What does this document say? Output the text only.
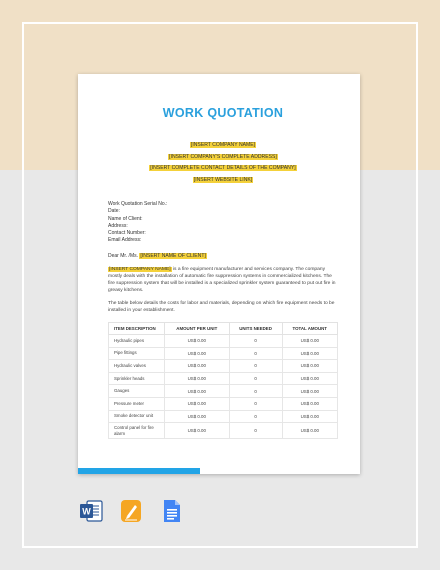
WORK QUOTATION
[INSERT COMPANY NAME]
[INSERT COMPANY'S COMPLETE ADDRESS]
[INSERT COMPLETE CONTACT DETAILS OF THE COMPANY]
[INSERT WEBSITE LINK]
Work Quotation Serial No.:
Date:
Name of Client:
Address:
Contact Number:
Email Address:
Dear Mr. /Ms. [INSERT NAME OF CLIENT]
[INSERT COMPANY NAME] is a fire equipment manufacturer and services company. The company mostly deals with the installation of automatic fire suppression systems in commercialized kitchens. The fire suppression system that will be installed is a specialized sprinkler system guaranteed to put out fire in greasy kitchens.
The table below details the costs for labor and materials, depending on which fire equipment needs to be installed in your establishment.
ITEM DESCRIPTION	AMOUNT PER UNIT	UNITS NEEDED	TOTAL AMOUNT
Hydraulic pipes	US$ 0.00	0	US$ 0.00
Pipe fittings	US$ 0.00	0	US$ 0.00
Hydraulic valves	US$ 0.00	0	US$ 0.00
Sprinkler heads	US$ 0.00	0	US$ 0.00
Gauges	US$ 0.00	0	US$ 0.00
Pressure meter	US$ 0.00	0	US$ 0.00
Smoke detector unit	US$ 0.00	0	US$ 0.00
Control panel for fire alarm	US$ 0.00	0	US$ 0.00
W
